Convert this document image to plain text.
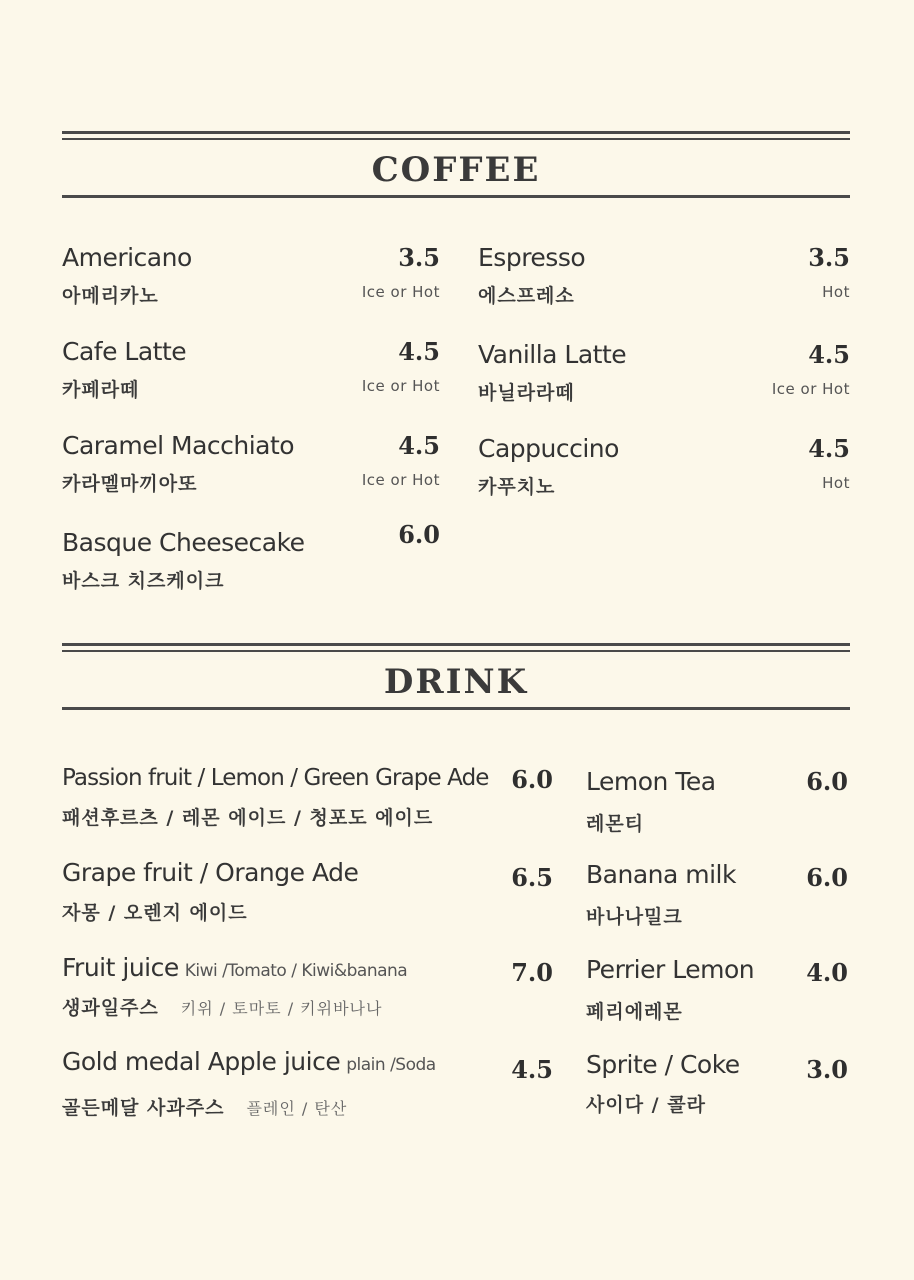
COFFEE
Americano
아메리카노
3.5
Ice or Hot
Espresso
에스프레소
3.5
Hot
Cafe Latte
카페라떼
4.5
Ice or Hot
Vanilla Latte
바닐라라떼
4.5
Ice or Hot
Caramel Macchiato
카라멜마끼아또
4.5
Ice or Hot
Cappuccino
카푸치노
4.5
Hot
Basque Cheesecake
바스크 치즈케이크
6.0
DRINK
Passion fruit / Lemon / Green Grape Ade
패션후르츠 / 레몬 에이드 / 청포도 에이드
6.0 Lemon Tea
레몬티
6.0
Grape fruit / Orange Ade
자몽 / 오렌지 에이드
6.5 Banana milk
바나나밀크
6.0
Fruit juice Kiwi /Tomato / Kiwi&banana
생과일주스 키위 / 토마토 / 키위바나나
7.0 Perrier Lemon
페리에레몬
4.0
Gold medal Apple juice plain /Soda
골든메달 사과주스 플레인 / 탄산
4.5 Sprite / Coke
사이다 / 콜라
3.0
